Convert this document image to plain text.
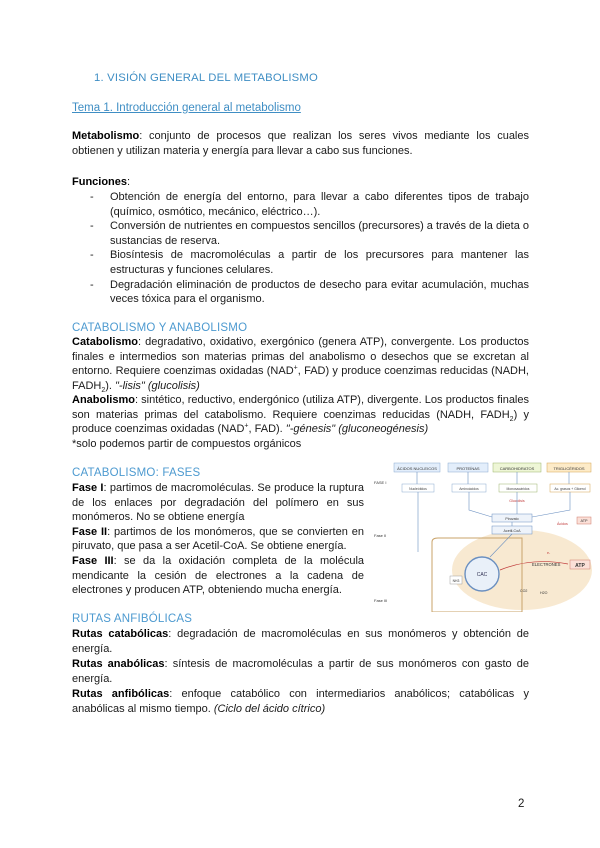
1. VISIÓN GENERAL DEL METABOLISMO
Tema 1. Introducción general al metabolismo
Metabolismo: conjunto de procesos que realizan los seres vivos mediante los cuales obtienen y utilizan materia y energía para llevar a cabo sus funciones.
Funciones:
- Obtención de energía del entorno, para llevar a cabo diferentes tipos de trabajo (químico, osmótico, mecánico, eléctrico…).
- Conversión de nutrientes en compuestos sencillos (precursores) a través de la dieta o sustancias de reserva.
- Biosíntesis de macromoléculas a partir de los precursores para mantener las estructuras y funciones celulares.
- Degradación eliminación de productos de desecho para evitar acumulación, muchas veces tóxica para el organismo.
CATABOLISMO Y ANABOLISMO
Catabolismo: degradativo, oxidativo, exergónico (genera ATP), convergente. Los productos finales e intermedios son materias primas del anabolismo o desechos que se excretan al entorno. Requiere coenzimas oxidadas (NAD+, FAD) y produce coenzimas reducidas (NADH, $FADH_2$). "-lisis" (glucolisis)
Anabolismo: sintético, reductivo, endergónico (utiliza ATP), divergente. Los productos finales son materias primas del catabolismo. Requiere coenzimas reducidas (NADH, $FADH_2$) y produce coenzimas oxidadas (NAD+, FAD). "-génesis" (gluconeogénesis)
*solo podemos partir de compuestos orgánicos
CATABOLISMO: FASES
Fase I: partimos de macromoléculas. Se produce la ruptura de los enlaces por degradación del polímero en sus monómeros. No se obtiene energía
Fase II: partimos de los monómeros, que se convierten en piruvato, que pasa a ser Acetil-CoA. Se obtiene energía.
Fase III: se da la oxidación completa de la molécula mendicante la cesión de electrones a la cadena de electrones y producen ATP, obteniendo mucha energía.
ÁCIDOS NUCLEICOS	PROTEÍNAS	CARBOHIDRATOS	TRIGLICÉRIDOS
FASE I
Fase II
Fase III
Nucleótidos	Aminoácidos	Monosacáridos	Ac. grasos + Glicerol
Glucolisis
Piruvato
Acetil-CoA
CAC
ELECTRONES	ATP
ATP
e-
Ácidos
NH3
CO2	H2O
RUTAS ANFIBÓLICAS
Rutas catabólicas: degradación de macromoléculas en sus monómeros y obtención de energía.
Rutas anabólicas: síntesis de macromoléculas a partir de sus monómeros con gasto de energía.
Rutas anfibólicas: enfoque catabólico con intermediarios anabólicos; catabólicas y anabólicas al mismo tiempo. (Ciclo del ácido cítrico)
2
